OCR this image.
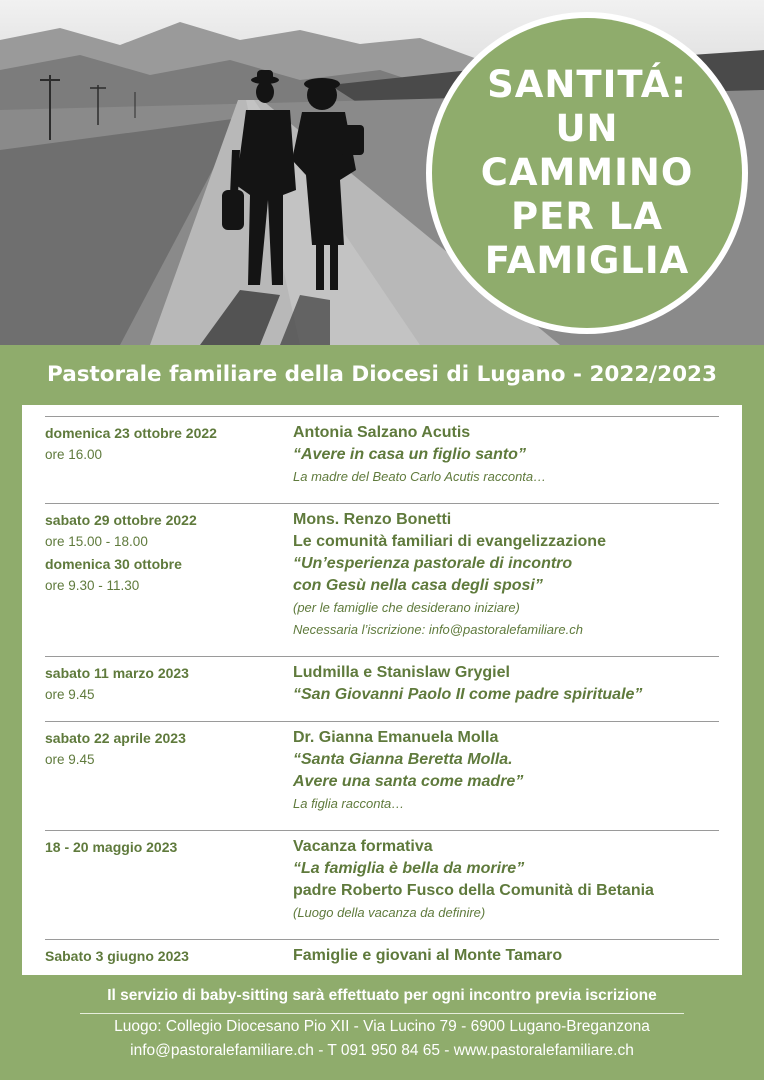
SANTITÁ:
UN CAMMINO
PER LA
FAMIGLIA
Pastorale familiare della Diocesi di Lugano - 2022/2023
domenica 23 ottobre 2022
ore 16.00
Antonia Salzano Acutis
“Avere in casa un figlio santo”
La madre del Beato Carlo Acutis racconta…
sabato 29 ottobre 2022
ore 15.00 - 18.00
domenica 30 ottobre
ore 9.30 - 11.30
Mons. Renzo Bonetti
Le comunità familiari di evangelizzazione
“Un’esperienza pastorale di incontro
con Gesù nella casa degli sposi”
(per le famiglie che desiderano iniziare)
Necessaria l’iscrizione: info@pastoralefamiliare.ch
sabato 11 marzo 2023
ore 9.45
Ludmilla e Stanislaw Grygiel
“San Giovanni Paolo II come padre spirituale”
sabato 22 aprile 2023
ore 9.45
Dr. Gianna Emanuela Molla
“Santa Gianna Beretta Molla.
Avere una santa come madre”
La figlia racconta…
18 - 20 maggio 2023	Vacanza formativa
“La famiglia è bella da morire”
padre Roberto Fusco della Comunità di Betania
(Luogo della vacanza da definire)
Sabato 3 giugno 2023	Famiglie e giovani al Monte Tamaro
Il servizio di baby-sitting sarà effettuato per ogni incontro previa iscrizione
Luogo: Collegio Diocesano Pio XII - Via Lucino 79 - 6900 Lugano-Breganzona
info@pastoralefamiliare.ch - T 091 950 84 65 - www.pastoralefamiliare.ch
